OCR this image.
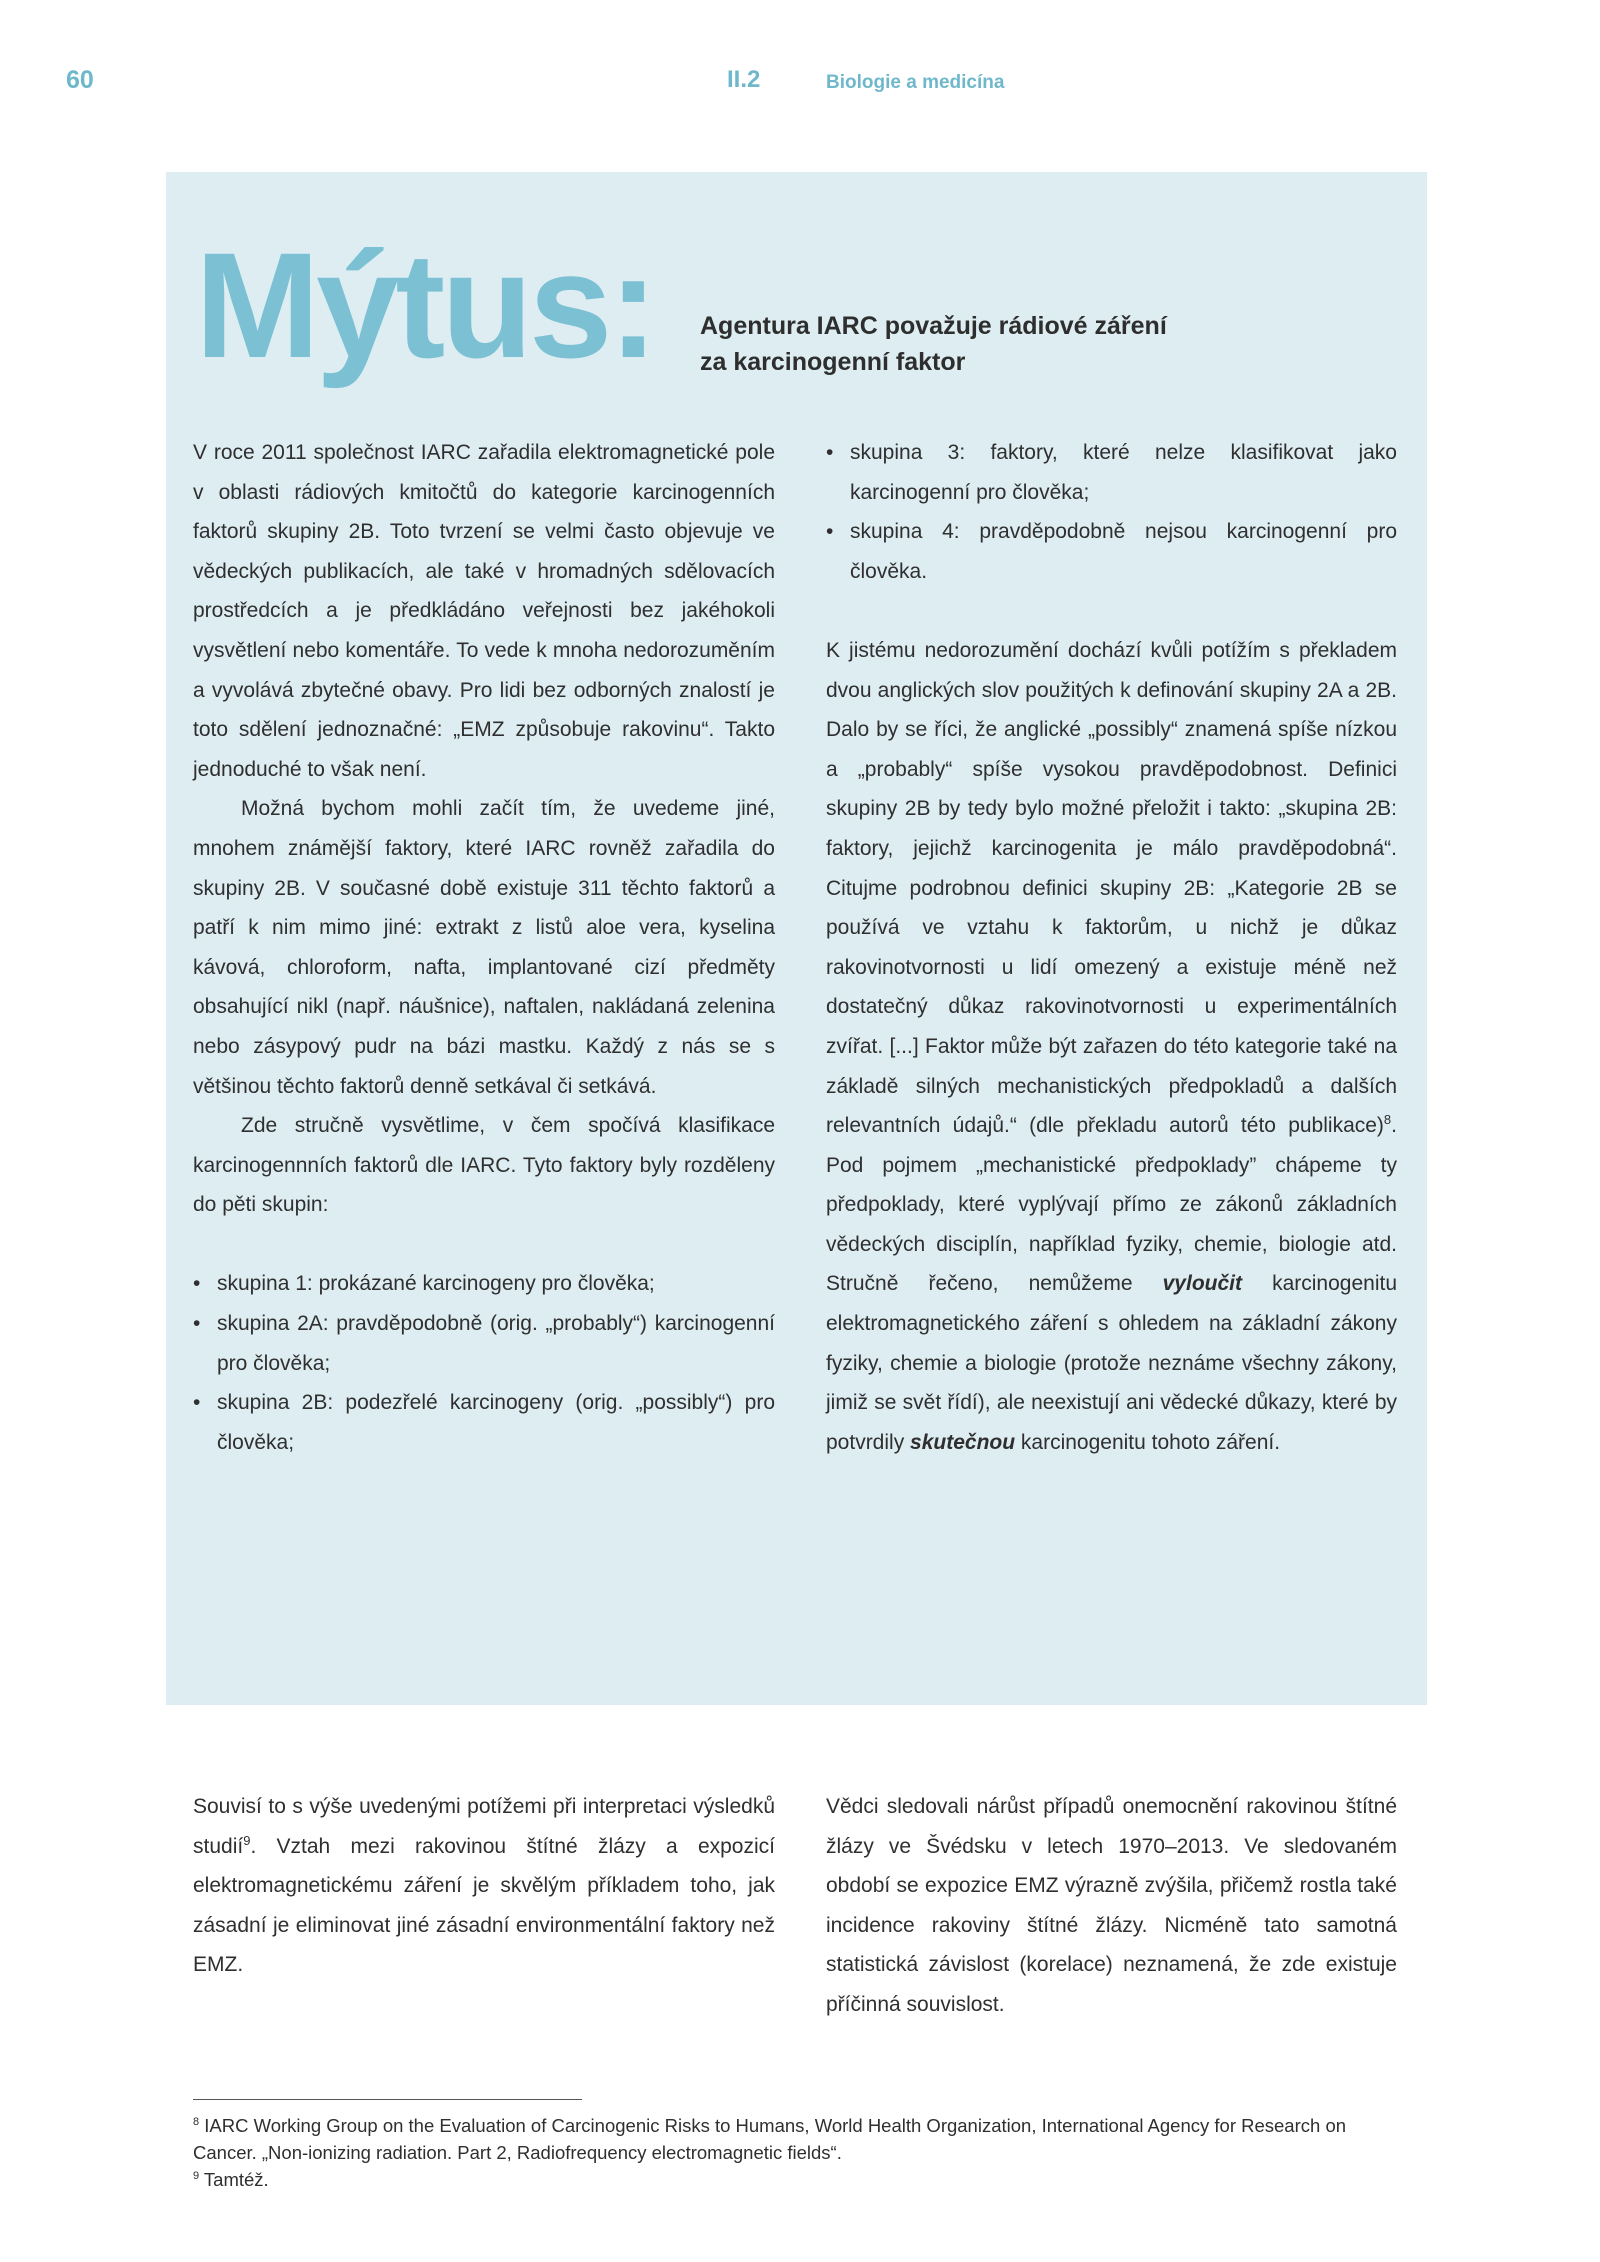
60	II.2	Biologie a medicína
Mýtus: Agentura IARC považuje rádiové záření
za karcinogenní faktor

V roce 2011 společnost IARC zařadila elektromagnetické pole v oblasti rádiových kmitočtů do kategorie karcinogenních faktorů skupiny 2B. Toto tvrzení se velmi často objevuje ve vědeckých publikacích, ale také v hromadných sdělovacích prostředcích a je předkládáno veřejnosti bez jakéhokoli vysvětlení nebo komentáře. To vede k mnoha nedorozuměním a vyvolává zbytečné obavy. Pro lidi bez odborných znalostí je toto sdělení jednoznačné: „EMZ způsobuje rakovinu“. Takto jednoduché to však není.

Možná bychom mohli začít tím, že uvedeme jiné, mnohem známější faktory, které IARC rovněž zařadila do skupiny 2B. V současné době existuje 311 těchto faktorů a patří k nim mimo jiné: extrakt z listů aloe vera, kyselina kávová, chloroform, nafta, implantované cizí předměty obsahující nikl (např. náušnice), naftalen, nakládaná zelenina nebo zásypový pudr na bázi mastku. Každý z nás se s většinou těchto faktorů denně setkával či setkává.

Zde stručně vysvětlime, v čem spočívá klasifikace karcinogennních faktorů dle IARC. Tyto faktory byly rozděleny do pěti skupin:

• skupina 1: prokázané karcinogeny pro člověka;
• skupina 2A: pravděpodobně (orig. „probably“) karcinogenní pro člověka;
• skupina 2B: podezřelé karcinogeny (orig. „possibly“) pro člověka;
• skupina 3: faktory, které nelze klasifikovat jako karcinogenní pro člověka;
• skupina 4: pravděpodobně nejsou karcinogenní pro člověka.

K jistému nedorozumění dochází kvůli potížím s překladem dvou anglických slov použitých k definování skupiny 2A a 2B. Dalo by se říci, že anglické „possibly“ znamená spíše nízkou a „probably“ spíše vysokou pravděpodobnost. Definici skupiny 2B by tedy bylo možné přeložit i takto: „skupina 2B: faktory, jejichž karcinogenita je málo pravděpodobná“. Citujme podrobnou definici skupiny 2B: „Kategorie 2B se používá ve vztahu k faktorům, u nichž je důkaz rakovinotvornosti u lidí omezený a existuje méně než dostatečný důkaz rakovinotvornosti u experimentálních zvířat. [...] Faktor může být zařazen do této kategorie také na základě silných mechanistických předpokladů a dalších relevantních údajů.“ (dle překladu autorů této publikace)$^8$. Pod pojmem „mechanistické předpoklady” chápeme ty předpoklady, které vyplývají přímo ze zákonů základních vědeckých disciplín, například fyziky, chemie, biologie atd. Stručně řečeno, nemůžeme vyloučit karcinogenitu elektromagnetického záření s ohledem na základní zákony fyziky, chemie a biologie (protože neznáme všechny zákony, jimiž se svět řídí), ale neexistují ani vědecké důkazy, které by potvrdily skutečnou karcinogenitu tohoto záření.

Souvisí to s výše uvedenými potížemi při interpretaci výsledků studií$^9$. Vztah mezi rakovinou štítné žlázy a expozicí elektromagnetickému záření je skvělým příkladem toho, jak zásadní je eliminovat jiné zásadní environmentální faktory než EMZ.

Vědci sledovali nárůst případů onemocnění rakovinou štítné žlázy ve Švédsku v letech 1970–2013. Ve sledovaném období se expozice EMZ výrazně zvýšila, přičemž rostla také incidence rakoviny štítné žlázy. Nicméně tato samotná statistická závislost (korelace) neznamená, že zde existuje příčinná souvislost.

$^8$ IARC Working Group on the Evaluation of Carcinogenic Risks to Humans, World Health Organization, International Agency for Research on Cancer. „Non-ionizing radiation. Part 2, Radiofrequency electromagnetic fields“.

$^9$ Tamtéž.
